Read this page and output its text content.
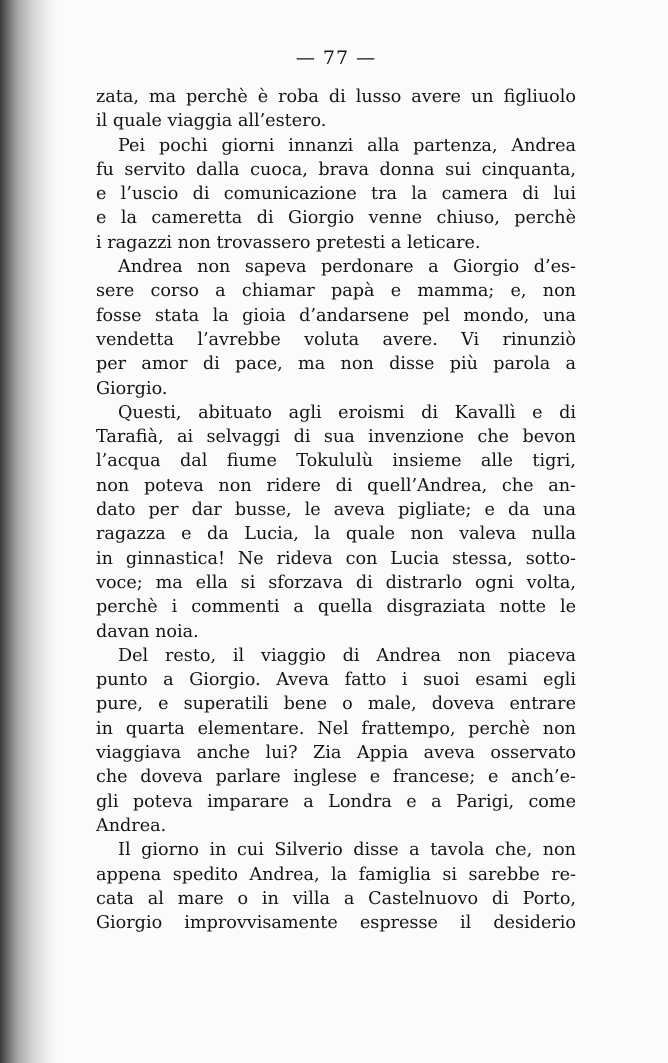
— 77 —

zata, ma perchè è roba di lusso avere un figliuolo
il quale viaggia all’estero.

Pei pochi giorni innanzi alla partenza, Andrea
fu servito dalla cuoca, brava donna sui cinquanta,
e l’uscio di comunicazione tra la camera di lui
e la cameretta di Giorgio venne chiuso, perchè
i ragazzi non trovassero pretesti a leticare.

Andrea non sapeva perdonare a Giorgio d’es-
sere corso a chiamar papà e mamma; e, non
fosse stata la gioia d’andarsene pel mondo, una
vendetta l’avrebbe voluta avere. Vi rinunziò
per amor di pace, ma non disse più parola a
Giorgio.

Questi, abituato agli eroismi di Kavallì e di
Tarafià, ai selvaggi di sua invenzione che bevon
l’acqua dal fiume Tokululù insieme alle tigri,
non poteva non ridere di quell’Andrea, che an-
dato per dar busse, le aveva pigliate; e da una
ragazza e da Lucia, la quale non valeva nulla
in ginnastica! Ne rideva con Lucia stessa, sotto-
voce; ma ella si sforzava di distrarlo ogni volta,
perchè i commenti a quella disgraziata notte le
davan noia.

Del resto, il viaggio di Andrea non piaceva
punto a Giorgio. Aveva fatto i suoi esami egli
pure, e superatili bene o male, doveva entrare
in quarta elementare. Nel frattempo, perchè non
viaggiava anche lui? Zia Appia aveva osservato
che doveva parlare inglese e francese; e anch’e-
gli poteva imparare a Londra e a Parigi, come
Andrea.

Il giorno in cui Silverio disse a tavola che, non
appena spedito Andrea, la famiglia si sarebbe re-
cata al mare o in villa a Castelnuovo di Porto,
Giorgio improvvisamente espresse il desiderio
